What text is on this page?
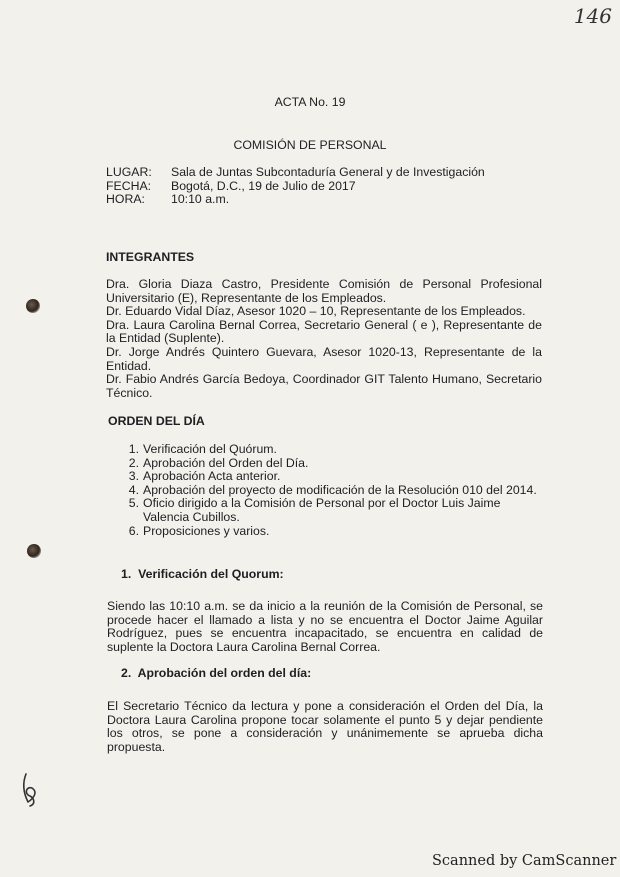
146
ACTA No. 19
COMISIÓN DE PERSONAL
LUGAR: Sala de Juntas Subcontaduría General y de Investigación
FECHA: Bogotá, D.C., 19 de Julio de 2017
HORA: 10:10 a.m.
INTEGRANTES
Dra. Gloria Diaza Castro, Presidente Comisión de Personal Profesional Universitario (E), Representante de los Empleados.
Dr. Eduardo Vidal Díaz, Asesor 1020 – 10, Representante de los Empleados.
Dra. Laura Carolina Bernal Correa, Secretario General ( e ), Representante de la Entidad (Suplente).
Dr. Jorge Andrés Quintero Guevara, Asesor 1020-13, Representante de la Entidad.
Dr. Fabio Andrés García Bedoya, Coordinador GIT Talento Humano, Secretario Técnico.
ORDEN DEL DÍA
1. Verificación del Quórum.
2. Aprobación del Orden del Día.
3. Aprobación Acta anterior.
4. Aprobación del proyecto de modificación de la Resolución 010 del 2014.
5. Oficio dirigido a la Comisión de Personal por el Doctor Luis Jaime Valencia Cubillos.
6. Proposiciones y varios.
1.  Verificación del Quorum:
Siendo las 10:10 a.m. se da inicio a la reunión de la Comisión de Personal, se procede hacer el llamado a lista y no se encuentra el Doctor Jaime Aguilar Rodríguez, pues se encuentra incapacitado, se encuentra en calidad de suplente la Doctora Laura Carolina Bernal Correa.
2.  Aprobación del orden del día:
El Secretario Técnico da lectura y pone a consideración el Orden del Día, la Doctora Laura Carolina propone tocar solamente el punto 5 y dejar pendiente los otros, se pone a consideración y unánimemente se aprueba dicha propuesta.
Scanned by CamScanner
